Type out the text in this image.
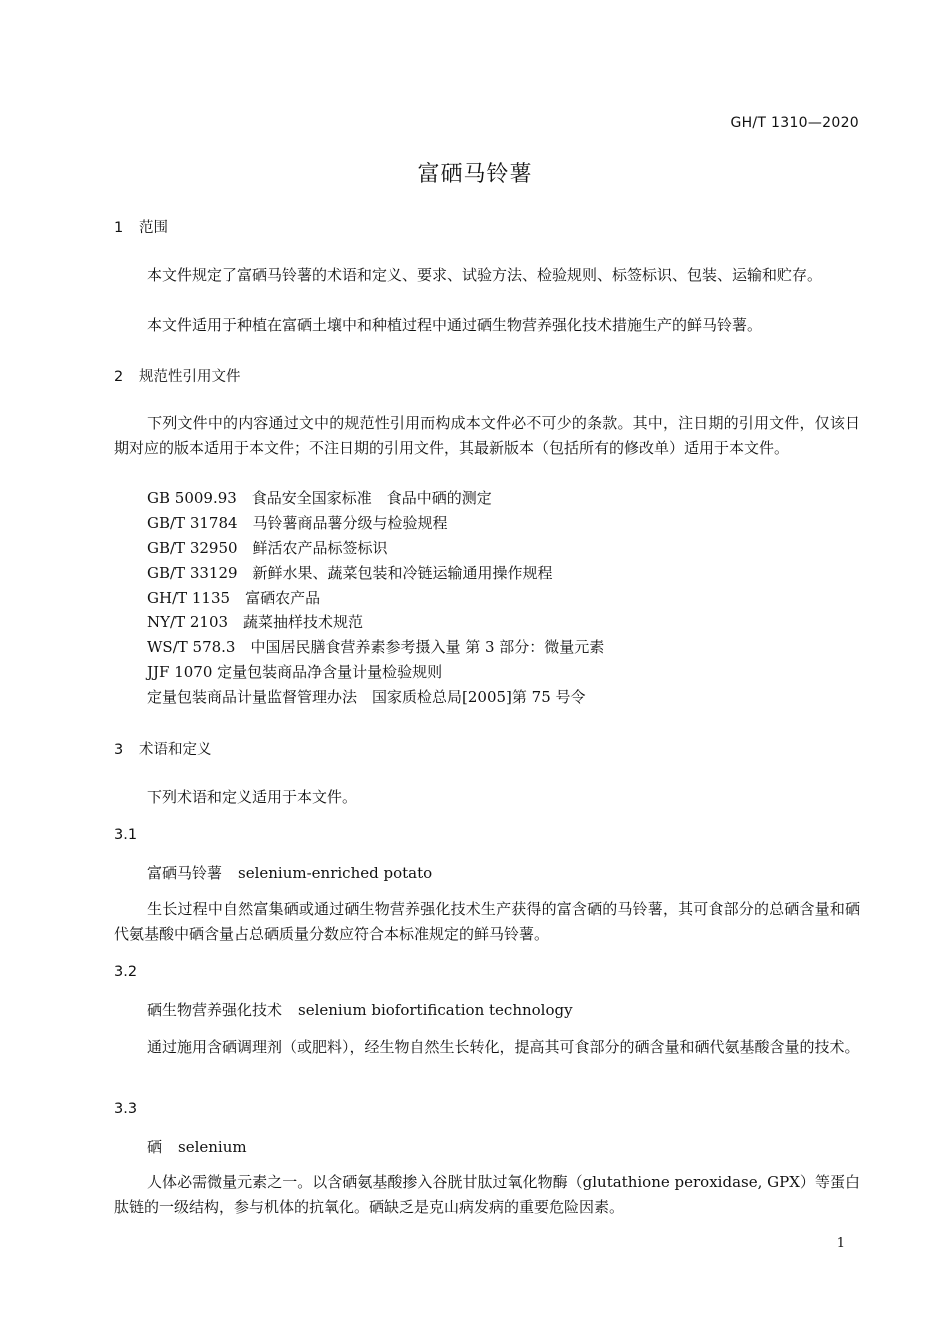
GH/T 1310—2020
富硒马铃薯
1 范围
本文件规定了富硒马铃薯的术语和定义、要求、试验方法、检验规则、标签标识、包装、运输和贮存。
本文件适用于种植在富硒土壤中和种植过程中通过硒生物营养强化技术措施生产的鲜马铃薯。
2 规范性引用文件
下列文件中的内容通过文中的规范性引用而构成本文件必不可少的条款。其中，注日期的引用文件，仅该日期对应的版本适用于本文件；不注日期的引用文件，其最新版本（包括所有的修改单）适用于本文件。
GB 5009.93　食品安全国家标准　食品中硒的测定
GB/T 31784　马铃薯商品薯分级与检验规程
GB/T 32950　鲜活农产品标签标识
GB/T 33129　新鲜水果、蔬菜包装和冷链运输通用操作规程
GH/T 1135　富硒农产品
NY/T 2103　蔬菜抽样技术规范
WS/T 578.3　中国居民膳食营养素参考摄入量 第 3 部分：微量元素
JJF 1070 定量包装商品净含量计量检验规则
定量包装商品计量监督管理办法　国家质检总局[2005]第 75 号令
3 术语和定义
下列术语和定义适用于本文件。
3.1
富硒马铃薯 selenium-enriched potato
生长过程中自然富集硒或通过硒生物营养强化技术生产获得的富含硒的马铃薯，其可食部分的总硒含量和硒代氨基酸中硒含量占总硒质量分数应符合本标准规定的鲜马铃薯。
3.2
硒生物营养强化技术 selenium biofortification technology
通过施用含硒调理剂（或肥料），经生物自然生长转化，提高其可食部分的硒含量和硒代氨基酸含量的技术。
3.3
硒 selenium
人体必需微量元素之一。以含硒氨基酸掺入谷胱甘肽过氧化物酶（glutathione peroxidase, GPX）等蛋白肽链的一级结构，参与机体的抗氧化。硒缺乏是克山病发病的重要危险因素。
1
